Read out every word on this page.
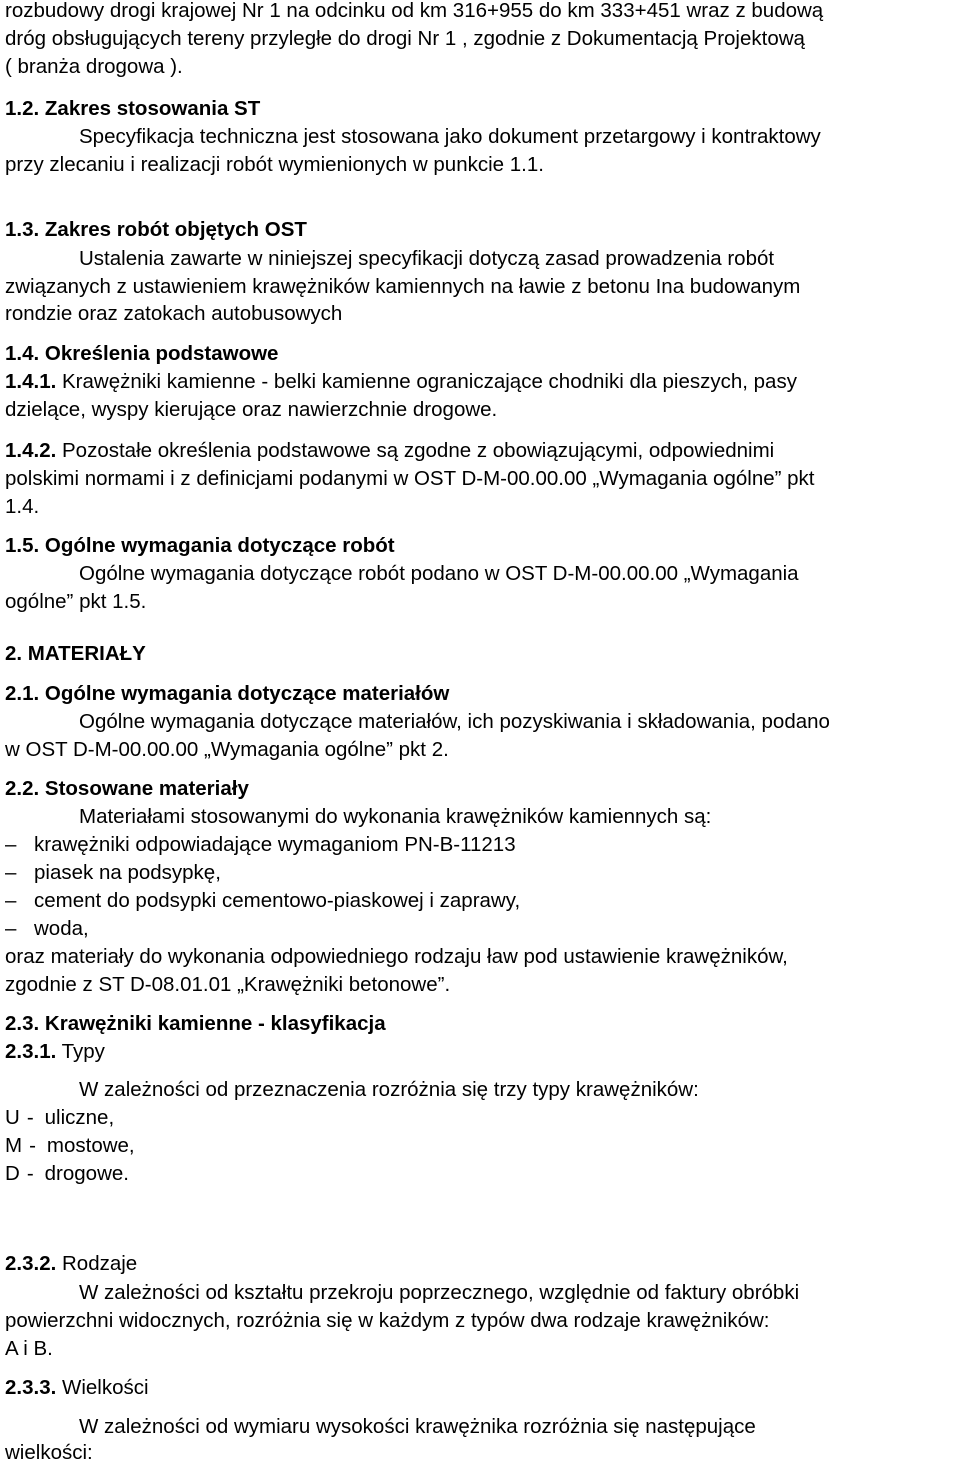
rozbudowy drogi krajowej Nr 1 na odcinku od km 316+955 do km 333+451 wraz z budową
dróg obsługujących tereny przyległe do drogi Nr 1 , zgodnie z Dokumentacją Projektową
( branża drogowa ).
1.2. Zakres stosowania ST
Specyfikacja techniczna jest stosowana jako dokument przetargowy i kontraktowy
przy zlecaniu i realizacji robót wymienionych w punkcie 1.1.
1.3. Zakres robót objętych OST
Ustalenia zawarte w niniejszej specyfikacji dotyczą zasad prowadzenia robót
związanych z ustawieniem krawężników kamiennych na ławie z betonu Ina budowanym
rondzie oraz zatokach autobusowych
1.4. Określenia podstawowe
1.4.1. Krawężniki kamienne - belki kamienne ograniczające chodniki dla pieszych, pasy
dzielące, wyspy kierujące oraz nawierzchnie drogowe.
1.4.2. Pozostałe określenia podstawowe są zgodne z obowiązującymi, odpowiednimi
polskimi normami i z definicjami podanymi w OST D-M-00.00.00 „Wymagania ogólne” pkt
1.4.
1.5. Ogólne wymagania dotyczące robót
Ogólne wymagania dotyczące robót podano w OST D-M-00.00.00 „Wymagania
ogólne” pkt 1.5.
2. MATERIAŁY
2.1. Ogólne wymagania dotyczące materiałów
Ogólne wymagania dotyczące materiałów, ich pozyskiwania i składowania, podano
w OST D-M-00.00.00 „Wymagania ogólne” pkt 2.
2.2. Stosowane materiały
Materiałami stosowanymi do wykonania krawężników kamiennych są:
– krawężniki odpowiadające wymaganiom PN-B-11213
– piasek na podsypkę,
– cement do podsypki cementowo-piaskowej i zaprawy,
– woda,
oraz materiały do wykonania odpowiedniego rodzaju ław pod ustawienie krawężników,
zgodnie z ST D-08.01.01 „Krawężniki betonowe”.
2.3. Krawężniki kamienne - klasyfikacja
2.3.1. Typy
W zależności od przeznaczenia rozróżnia się trzy typy krawężników:
U - uliczne,
M - mostowe,
D - drogowe.
2.3.2. Rodzaje
W zależności od kształtu przekroju poprzecznego, względnie od faktury obróbki
powierzchni widocznych, rozróżnia się w każdym z typów dwa rodzaje krawężników:
A i B.
2.3.3. Wielkości
W zależności od wymiaru wysokości krawężnika rozróżnia się następujące
wielkości:
